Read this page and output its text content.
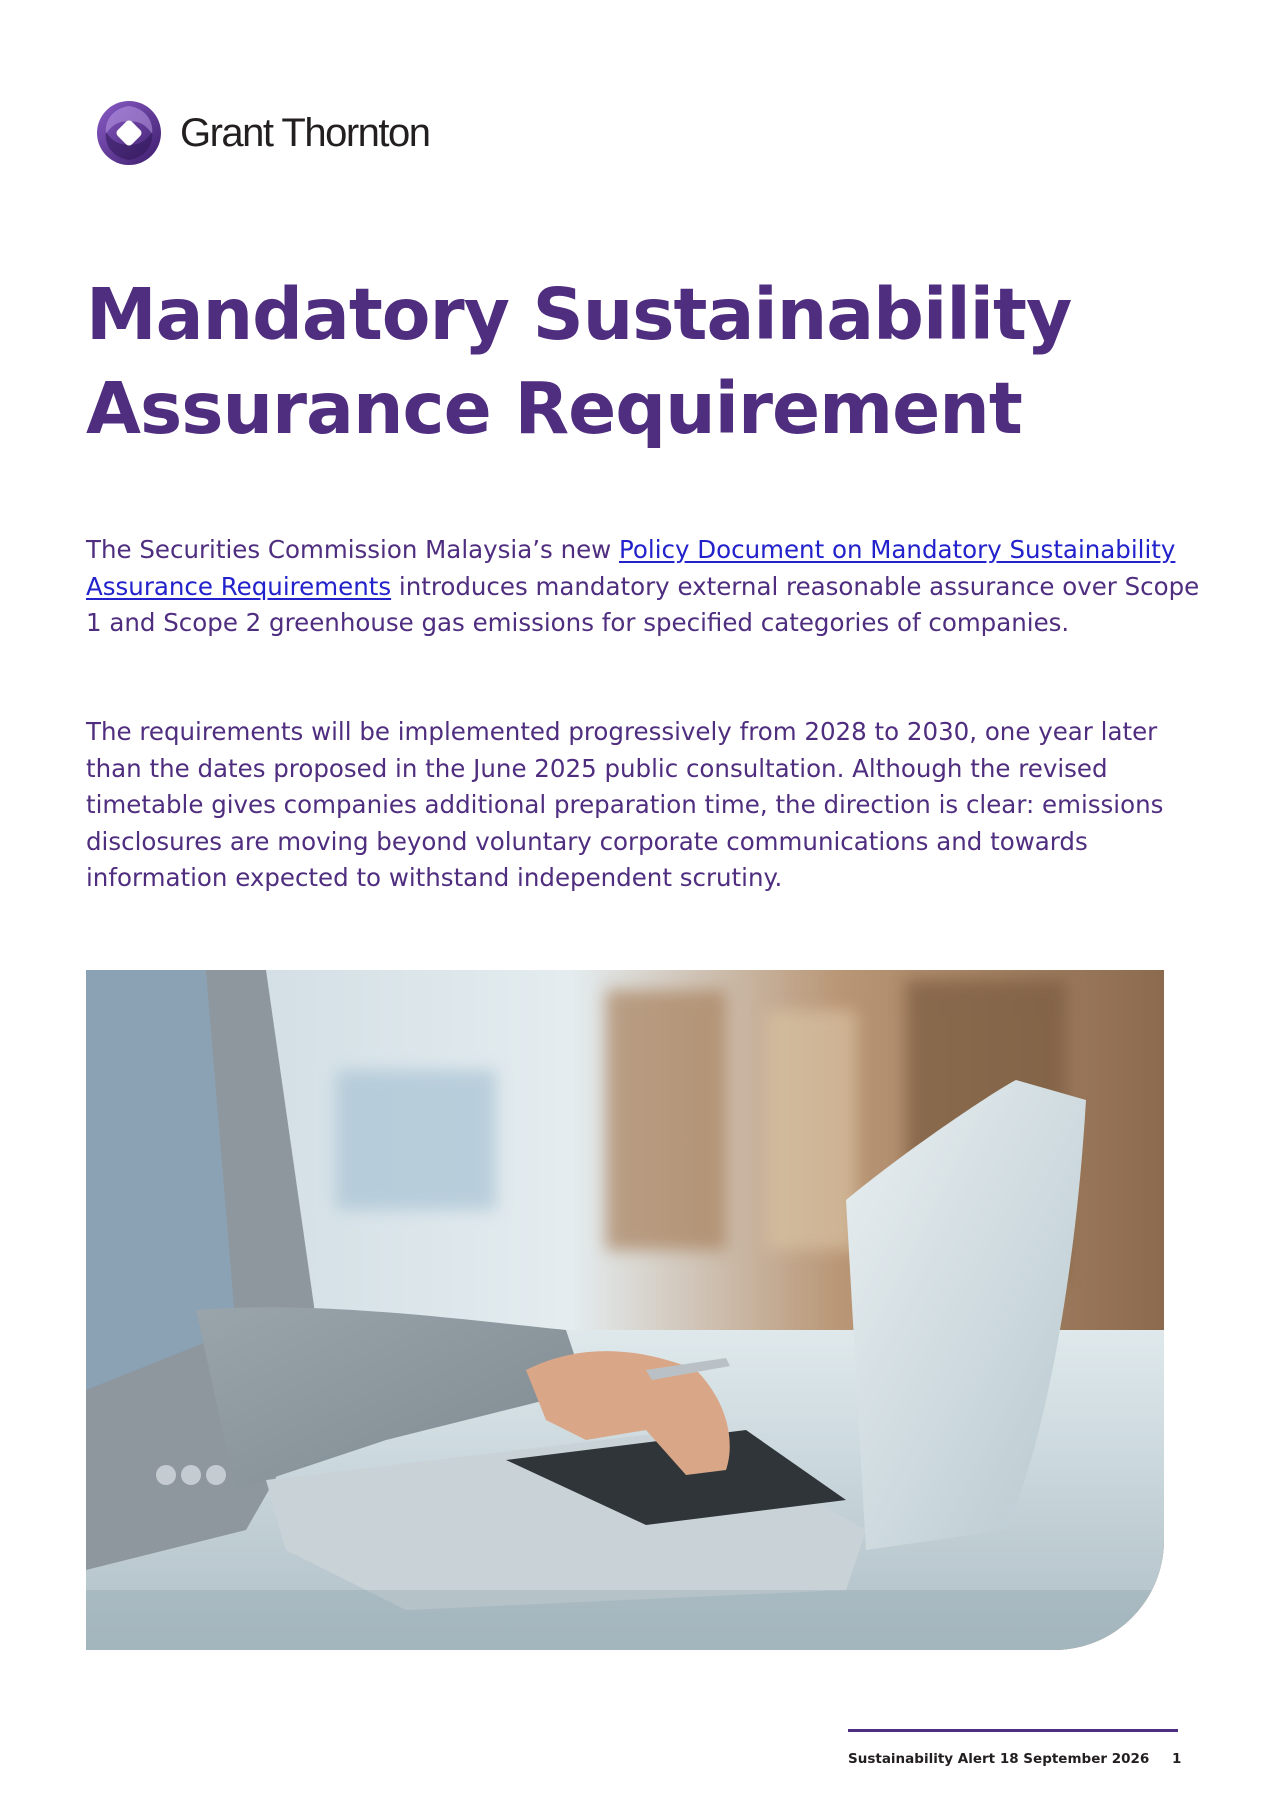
Grant Thornton
Mandatory Sustainability
Assurance Requirement

The Securities Commission Malaysia’s new Policy Document on Mandatory Sustainability Assurance Requirements introduces mandatory external reasonable assurance over Scope 1 and Scope 2 greenhouse gas emissions for specified categories of companies.

The requirements will be implemented progressively from 2028 to 2030, one year later than the dates proposed in the June 2025 public consultation. Although the revised timetable gives companies additional preparation time, the direction is clear: emissions disclosures are moving beyond voluntary corporate communications and towards information expected to withstand independent scrutiny.

Sustainability Alert 18 September 2026 1
